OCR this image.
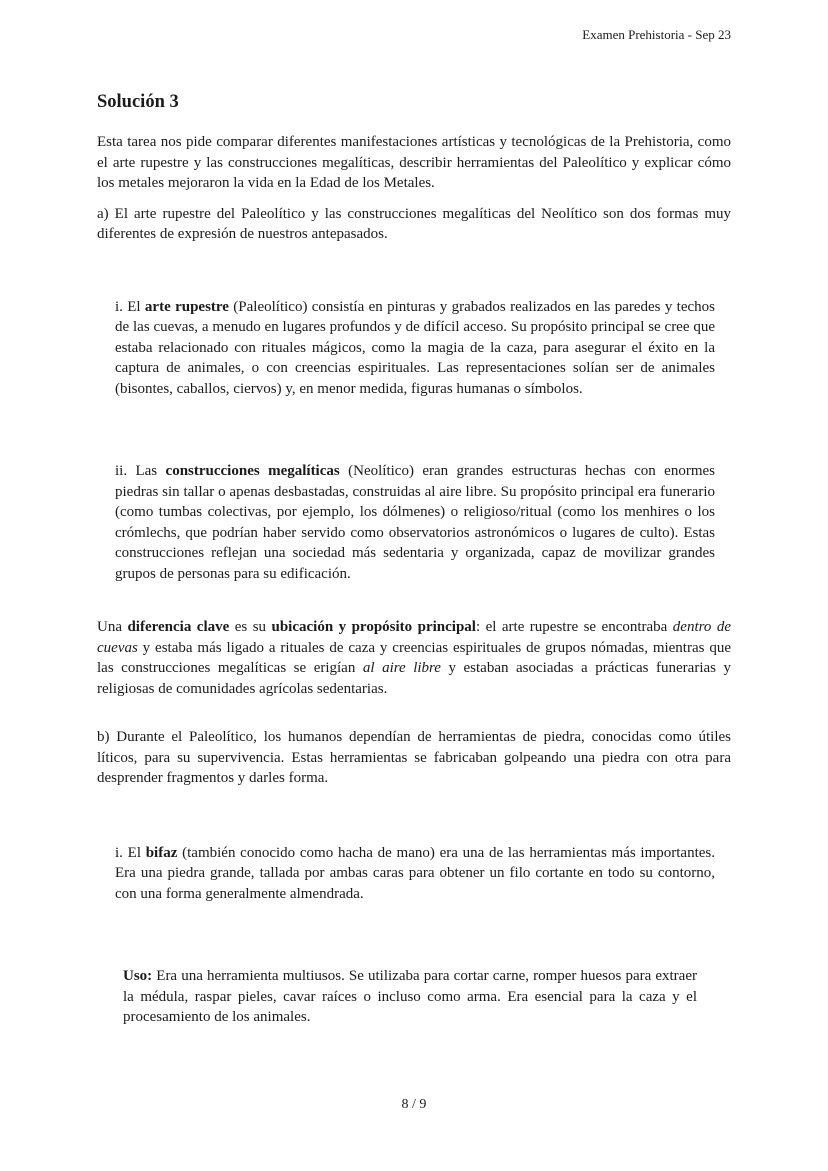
Examen Prehistoria - Sep 23
Solución 3

Esta tarea nos pide comparar diferentes manifestaciones artísticas y tecnológicas de la Prehistoria, como el arte rupestre y las construcciones megalíticas, describir herramientas del Paleolítico y explicar cómo los metales mejoraron la vida en la Edad de los Metales.

a) El arte rupestre del Paleolítico y las construcciones megalíticas del Neolítico son dos formas muy diferentes de expresión de nuestros antepasados.

i. El arte rupestre (Paleolítico) consistía en pinturas y grabados realizados en las paredes y techos de las cuevas, a menudo en lugares profundos y de difícil acceso. Su propósito principal se cree que estaba relacionado con rituales mágicos, como la magia de la caza, para asegurar el éxito en la captura de animales, o con creencias espirituales. Las representaciones solían ser de animales (bisontes, caballos, ciervos) y, en menor medida, figuras humanas o símbolos.

ii. Las construcciones megalíticas (Neolítico) eran grandes estructuras hechas con enormes piedras sin tallar o apenas desbastadas, construidas al aire libre. Su propósito principal era funerario (como tumbas colectivas, por ejemplo, los dólmenes) o religioso/ritual (como los menhires o los crómlechs, que podrían haber servido como observatorios astronómicos o lugares de culto). Estas construcciones reflejan una sociedad más sedentaria y organizada, capaz de movilizar grandes grupos de personas para su edificación.

Una diferencia clave es su ubicación y propósito principal: el arte rupestre se encontraba dentro de cuevas y estaba más ligado a rituales de caza y creencias espirituales de grupos nómadas, mientras que las construcciones megalíticas se erigían al aire libre y estaban asociadas a prácticas funerarias y religiosas de comunidades agrícolas sedentarias.

b) Durante el Paleolítico, los humanos dependían de herramientas de piedra, conocidas como útiles líticos, para su supervivencia. Estas herramientas se fabricaban golpeando una piedra con otra para desprender fragmentos y darles forma.

i. El bifaz (también conocido como hacha de mano) era una de las herramientas más importantes. Era una piedra grande, tallada por ambas caras para obtener un filo cortante en todo su contorno, con una forma generalmente almendrada.

Uso: Era una herramienta multiusos. Se utilizaba para cortar carne, romper huesos para extraer la médula, raspar pieles, cavar raíces o incluso como arma. Era esencial para la caza y el procesamiento de los animales.

8 / 9
